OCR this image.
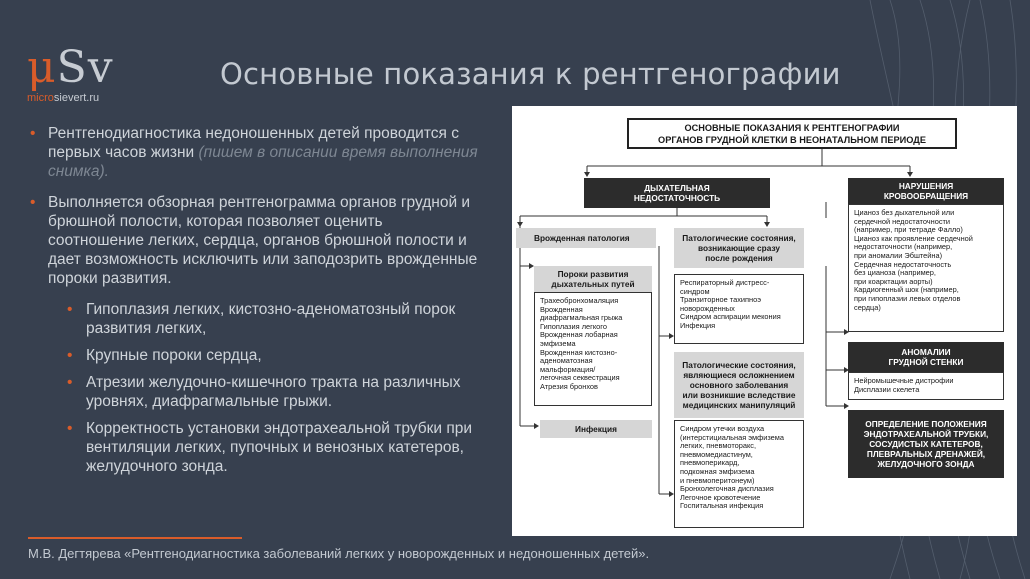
μSv
microsievert.ru
Основные показания к рентгенографии
• Рентгенодиагностика недоношенных детей проводится с первых часов жизни (пишем в описании время выполнения снимка).
• Выполняется обзорная рентгенограмма органов грудной и брюшной полости, которая позволяет оценить соотношение легких, сердца, органов брюшной полости и дает возможность исключить или заподозрить врожденные пороки развития.
• Гипоплазия легких, кистозно-аденоматозный порок развития легких,
• Крупные пороки сердца,
• Атрезии желудочно-кишечного тракта на различных уровнях, диафрагмальные грыжи.
• Корректность установки эндотрахеальной трубки при вентиляции легких, пупочных и венозных катетеров, желудочного зонда.
М.В. Дегтярева «Рентгенодиагностика заболеваний легких у новорожденных и недоношенных детей».
ОСНОВНЫЕ ПОКАЗАНИЯ К РЕНТГЕНОГРАФИИ
ОРГАНОВ ГРУДНОЙ КЛЕТКИ В НЕОНАТАЛЬНОМ ПЕРИОДЕ
ДЫХАТЕЛЬНАЯ
НЕДОСТАТОЧНОСТЬ
НАРУШЕНИЯ
КРОВООБРАЩЕНИЯ
Цианоз без дыхательной или
сердечной недостаточности
(например, при тетраде Фалло)
Цианоз как проявление сердечной
недостаточности (например,
при аномалии Эбштейна)
Сердечная недостаточность
без цианоза (например,
при коарктации аорты)
Кардиогенный шок (например,
при гипоплазии левых отделов
сердца)
Врожденная патология
Пороки развития
дыхательных путей
Трахеобронхомаляция
Врожденная
диафрагмальная грыжа
Гипоплазия легкого
Врожденная лобарная
эмфизема
Врожденная кистозно-
аденоматозная
мальформация/
легочная секвестрация
Атрезия бронхов
Инфекция
Патологические состояния,
возникающие сразу
после рождения
Респираторный дистресс-
синдром
Транзиторное тахипноэ
новорожденных
Синдром аспирации мекония
Инфекция
Патологические состояния,
являющиеся осложнением
основного заболевания
или возникшие вследствие
медицинских манипуляций
Синдром утечки воздуха
(интерстициальная эмфизема
легких, пневмоторакс,
пневмомедиастинум,
пневмоперикард,
подкожная эмфизема
и пневмоперитонеум)
Бронхолегочная дисплазия
Легочное кровотечение
Госпитальная инфекция
АНОМАЛИИ
ГРУДНОЙ СТЕНКИ
Нейромышечные дистрофии
Дисплазии скелета
ОПРЕДЕЛЕНИЕ ПОЛОЖЕНИЯ
ЭНДОТРАХЕАЛЬНОЙ ТРУБКИ,
СОСУДИСТЫХ КАТЕТЕРОВ,
ПЛЕВРАЛЬНЫХ ДРЕНАЖЕЙ,
ЖЕЛУДОЧНОГО ЗОНДА
